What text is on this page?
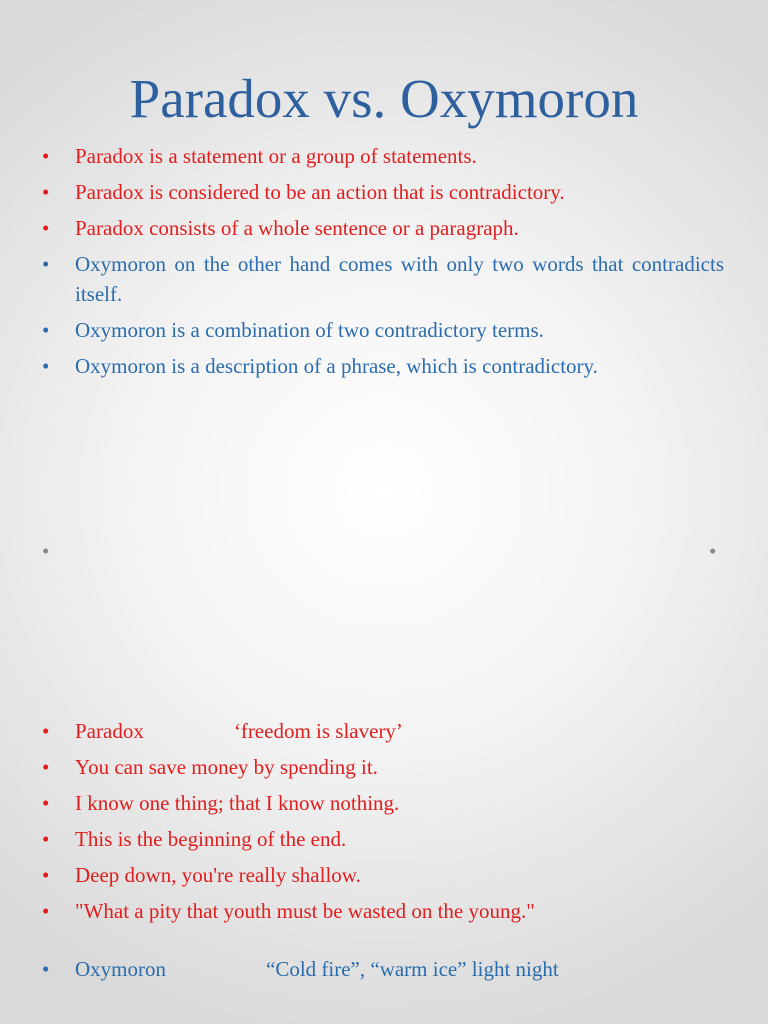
Paradox vs. Oxymoron
• Paradox is a statement or a group of statements.
• Paradox is considered to be an action that is contradictory.
• Paradox consists of a whole sentence or a paragraph.
• Oxymoron on the other hand comes with only two words that contradicts itself.
• Oxymoron is a combination of two contradictory terms.
• Oxymoron is a description of a phrase, which is contradictory.
•	•
• Paradox	‘freedom is slavery’
• You can save money by spending it.
• I know one thing; that I know nothing.
• This is the beginning of the end.
• Deep down, you're really shallow.
• "What a pity that youth must be wasted on the young."
• Oxymoron	“Cold fire”, “warm ice” light night
